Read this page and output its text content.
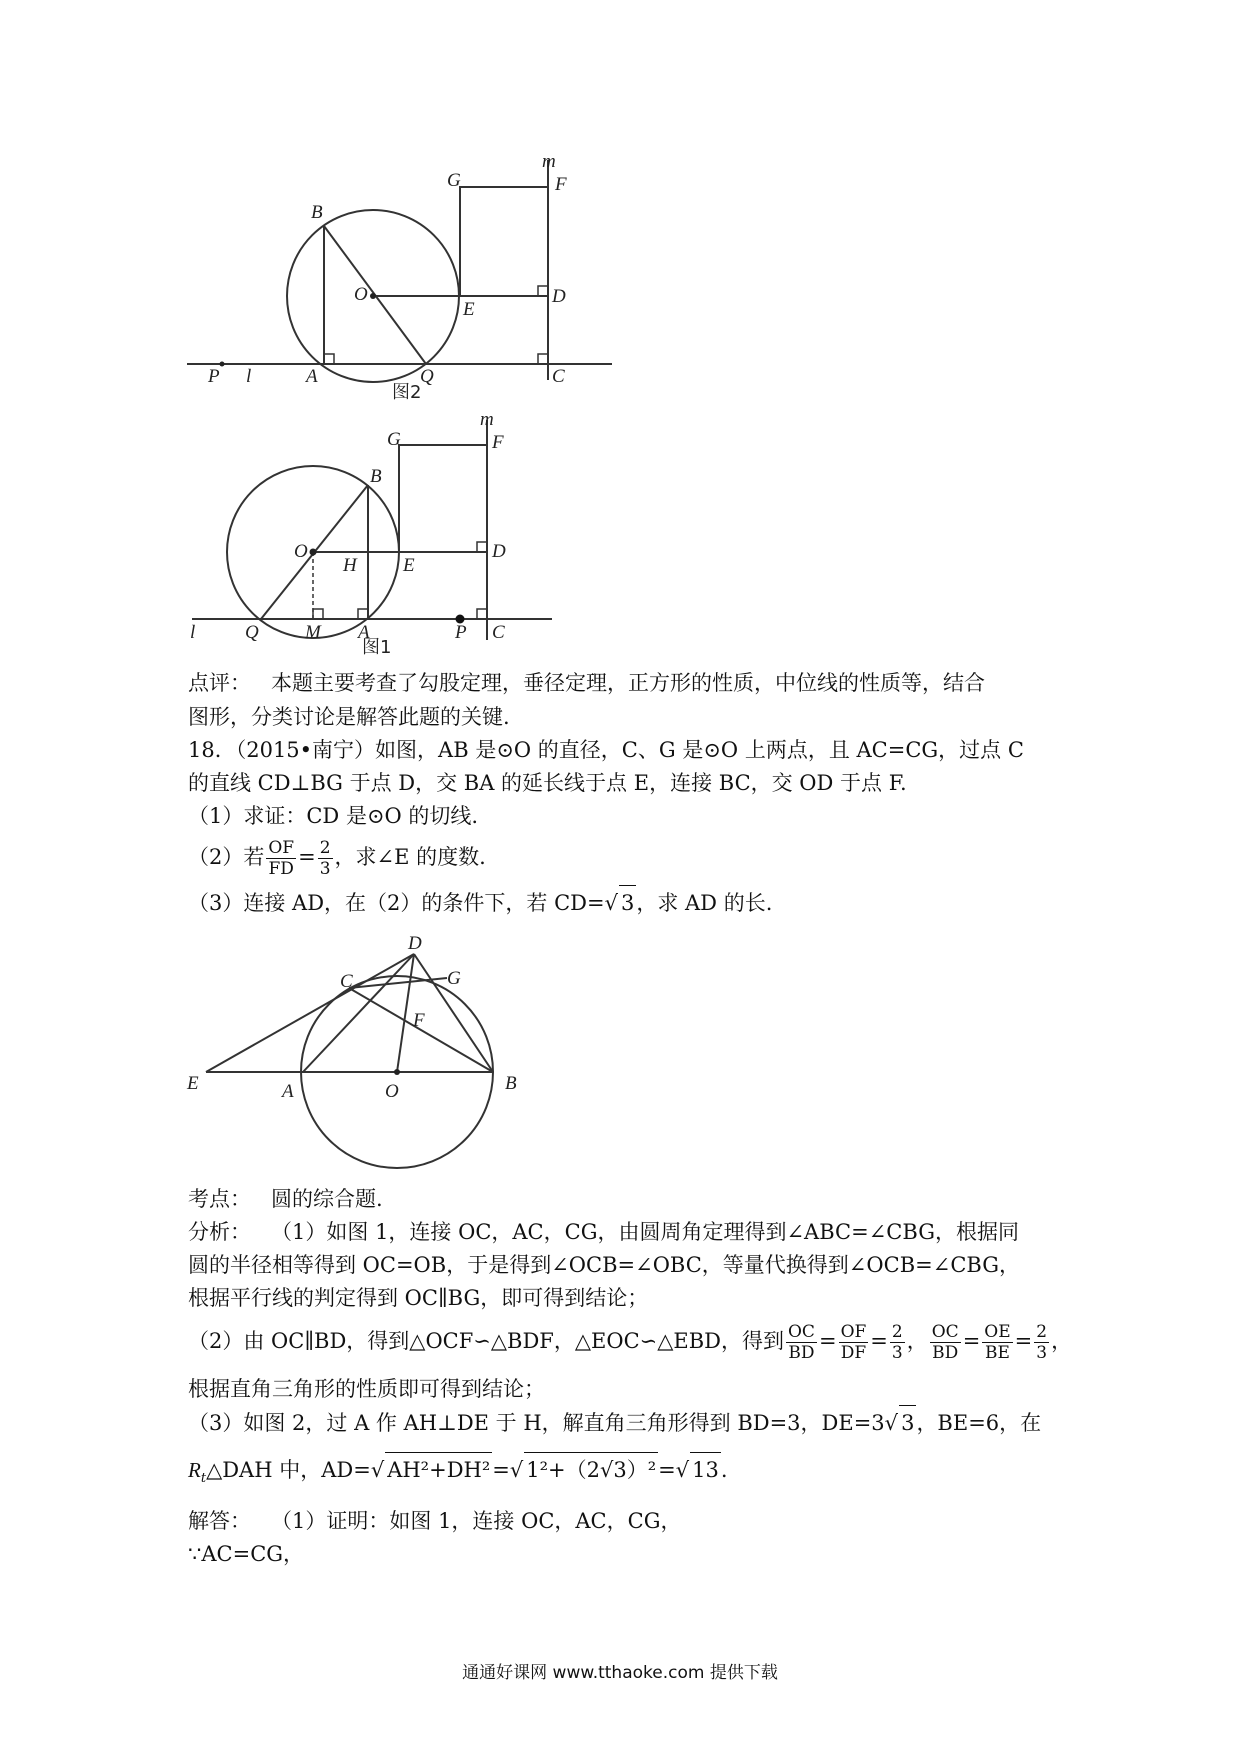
m
G	F
B
O
E
D
P l	A	Q	C
图2
m
G	F
B
O
H E
D
l	Q M A	P C
图1
点评： 本题主要考查了勾股定理，垂径定理，正方形的性质，中位线的性质等，结合
图形，分类讨论是解答此题的关键.
18．（2015•南宁）如图，AB 是⊙O 的直径，C、G 是⊙O 上两点，且 AC=CG，过点 C
的直线 CD⊥BG 于点 D，交 BA 的延长线于点 E，连接 BC，交 OD 于点 F.
（1）求证：CD 是⊙O 的切线.
（2）若 $\frac{OF}{FD} = \frac{2}{3}$ ，求∠E 的度数.
（3）连接 AD，在（2）的条件下，若 CD=√ 3，求 AD 的长.
D
C	G
F
E	A	O	B
考点： 圆的综合题.
分析： （1）如图 1，连接 OC，AC，CG，由圆周角定理得到∠ABC=∠CBG，根据同
圆的半径相等得到 OC=OB，于是得到∠OCB=∠OBC，等量代换得到∠OCB=∠CBG，
根据平行线的判定得到 OC∥BG，即可得到结论；
（2）由 OC∥BD，得到△OCF∽△BDF，△EOC∽△EBD，得到 $\frac{OC}{BD} = \frac{OF}{DF} = \frac{2}{3}$ ， $\frac{OC}{BD} = \frac{OE}{BE} = \frac{2}{3}$ ，
根据直角三角形的性质即可得到结论；
（3）如图 2，过 A 作 AH⊥DE 于 H，解直角三角形得到 BD=3，DE=3√ 3，BE=6，在
$R_t\triangle DAH$ 中，AD=√ AH²+DH²=√ 1²+（2√3）²=√ 13.
解答： （1）证明：如图 1，连接 OC，AC，CG，
∵AC=CG，
通通好课网 www.tthaoke.com 提供下载
